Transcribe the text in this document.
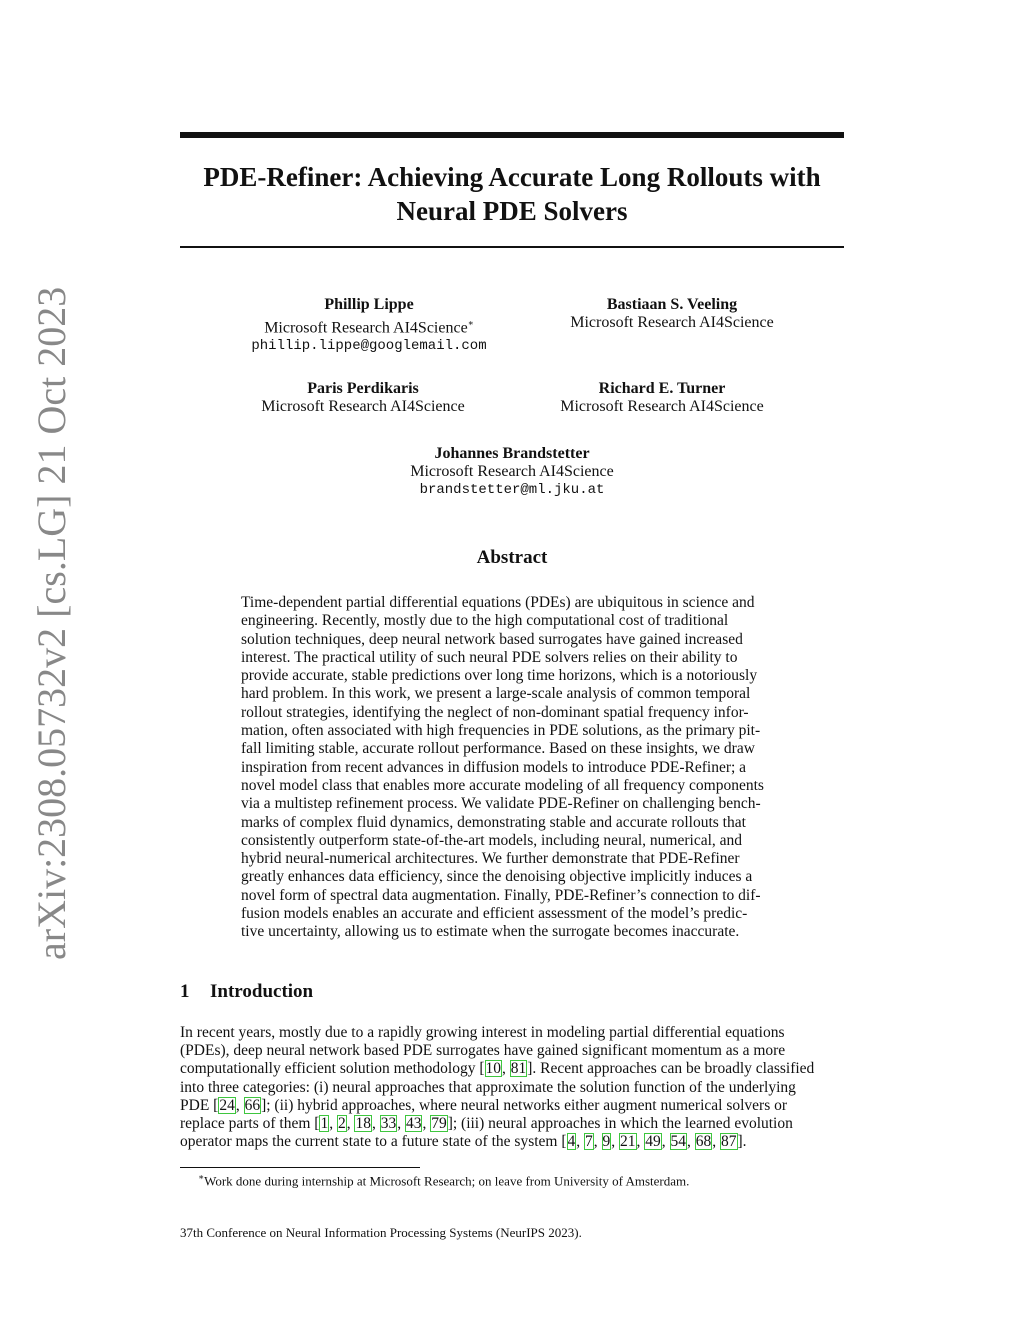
arXiv:2308.05732v2 [cs.LG] 21 Oct 2023
PDE-Refiner: Achieving Accurate Long Rollouts with
Neural PDE Solvers
Phillip Lippe
Microsoft Research AI4Science∗
phillip.lippe@googlemail.com
Bastiaan S. Veeling
Microsoft Research AI4Science
Paris Perdikaris
Microsoft Research AI4Science
Richard E. Turner
Microsoft Research AI4Science
Johannes Brandstetter
Microsoft Research AI4Science
brandstetter@ml.jku.at
Abstract
Time-dependent partial differential equations (PDEs) are ubiquitous in science and
engineering. Recently, mostly due to the high computational cost of traditional
solution techniques, deep neural network based surrogates have gained increased
interest. The practical utility of such neural PDE solvers relies on their ability to
provide accurate, stable predictions over long time horizons, which is a notoriously
hard problem. In this work, we present a large-scale analysis of common temporal
rollout strategies, identifying the neglect of non-dominant spatial frequency infor-
mation, often associated with high frequencies in PDE solutions, as the primary pit-
fall limiting stable, accurate rollout performance. Based on these insights, we draw
inspiration from recent advances in diffusion models to introduce PDE-Refiner; a
novel model class that enables more accurate modeling of all frequency components
via a multistep refinement process. We validate PDE-Refiner on challenging bench-
marks of complex fluid dynamics, demonstrating stable and accurate rollouts that
consistently outperform state-of-the-art models, including neural, numerical, and
hybrid neural-numerical architectures. We further demonstrate that PDE-Refiner
greatly enhances data efficiency, since the denoising objective implicitly induces a
novel form of spectral data augmentation. Finally, PDE-Refiner’s connection to dif-
fusion models enables an accurate and efficient assessment of the model’s predic-
tive uncertainty, allowing us to estimate when the surrogate becomes inaccurate.
1 Introduction
In recent years, mostly due to a rapidly growing interest in modeling partial differential equations
(PDEs), deep neural network based PDE surrogates have gained significant momentum as a more
computationally efficient solution methodology [10, 81]. Recent approaches can be broadly classified
into three categories: (i) neural approaches that approximate the solution function of the underlying
PDE [24, 66]; (ii) hybrid approaches, where neural networks either augment numerical solvers or
replace parts of them [1, 2, 18, 33, 43, 79]; (iii) neural approaches in which the learned evolution
operator maps the current state to a future state of the system [4, 7, 9, 21, 49, 54, 68, 87].
∗Work done during internship at Microsoft Research; on leave from University of Amsterdam.
37th Conference on Neural Information Processing Systems (NeurIPS 2023).
